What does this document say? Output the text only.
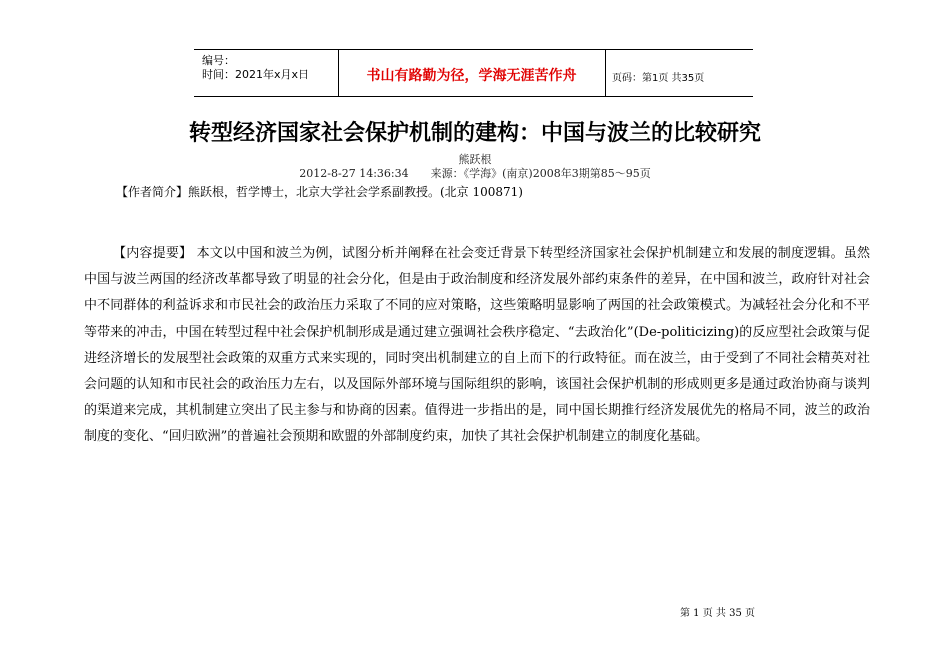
编号：
时间：2021年x月x日	书山有路勤为径，学海无涯苦作舟	页码：第1页 共35页
转型经济国家社会保护机制的建构：中国与波兰的比较研究
熊跃根
2012-8-27 14:36:34　　来源：《学海》(南京)2008年3期第85～95页
【作者简介】熊跃根，哲学博士，北京大学社会学系副教授。(北京 100871)

【内容提要】 本文以中国和波兰为例，试图分析并阐释在社会变迁背景下转型经济国家社会保护机制建立和发展的制度逻辑。虽然中国与波兰两国的经济改革都导致了明显的社会分化，但是由于政治制度和经济发展外部约束条件的差异，在中国和波兰，政府针对社会中不同群体的利益诉求和市民社会的政治压力采取了不同的应对策略，这些策略明显影响了两国的社会政策模式。为减轻社会分化和不平等带来的冲击，中国在转型过程中社会保护机制形成是通过建立强调社会秩序稳定、“去政治化”(De-politicizing)的反应型社会政策与促进经济增长的发展型社会政策的双重方式来实现的，同时突出机制建立的自上而下的行政特征。而在波兰，由于受到了不同社会精英对社会问题的认知和市民社会的政治压力左右，以及国际外部环境与国际组织的影响，该国社会保护机制的形成则更多是通过政治协商与谈判的渠道来完成，其机制建立突出了民主参与和协商的因素。值得进一步指出的是，同中国长期推行经济发展优先的格局不同，波兰的政治制度的变化、“回归欧洲”的普遍社会预期和欧盟的外部制度约束，加快了其社会保护机制建立的制度化基础。

第 1 页 共 35 页
